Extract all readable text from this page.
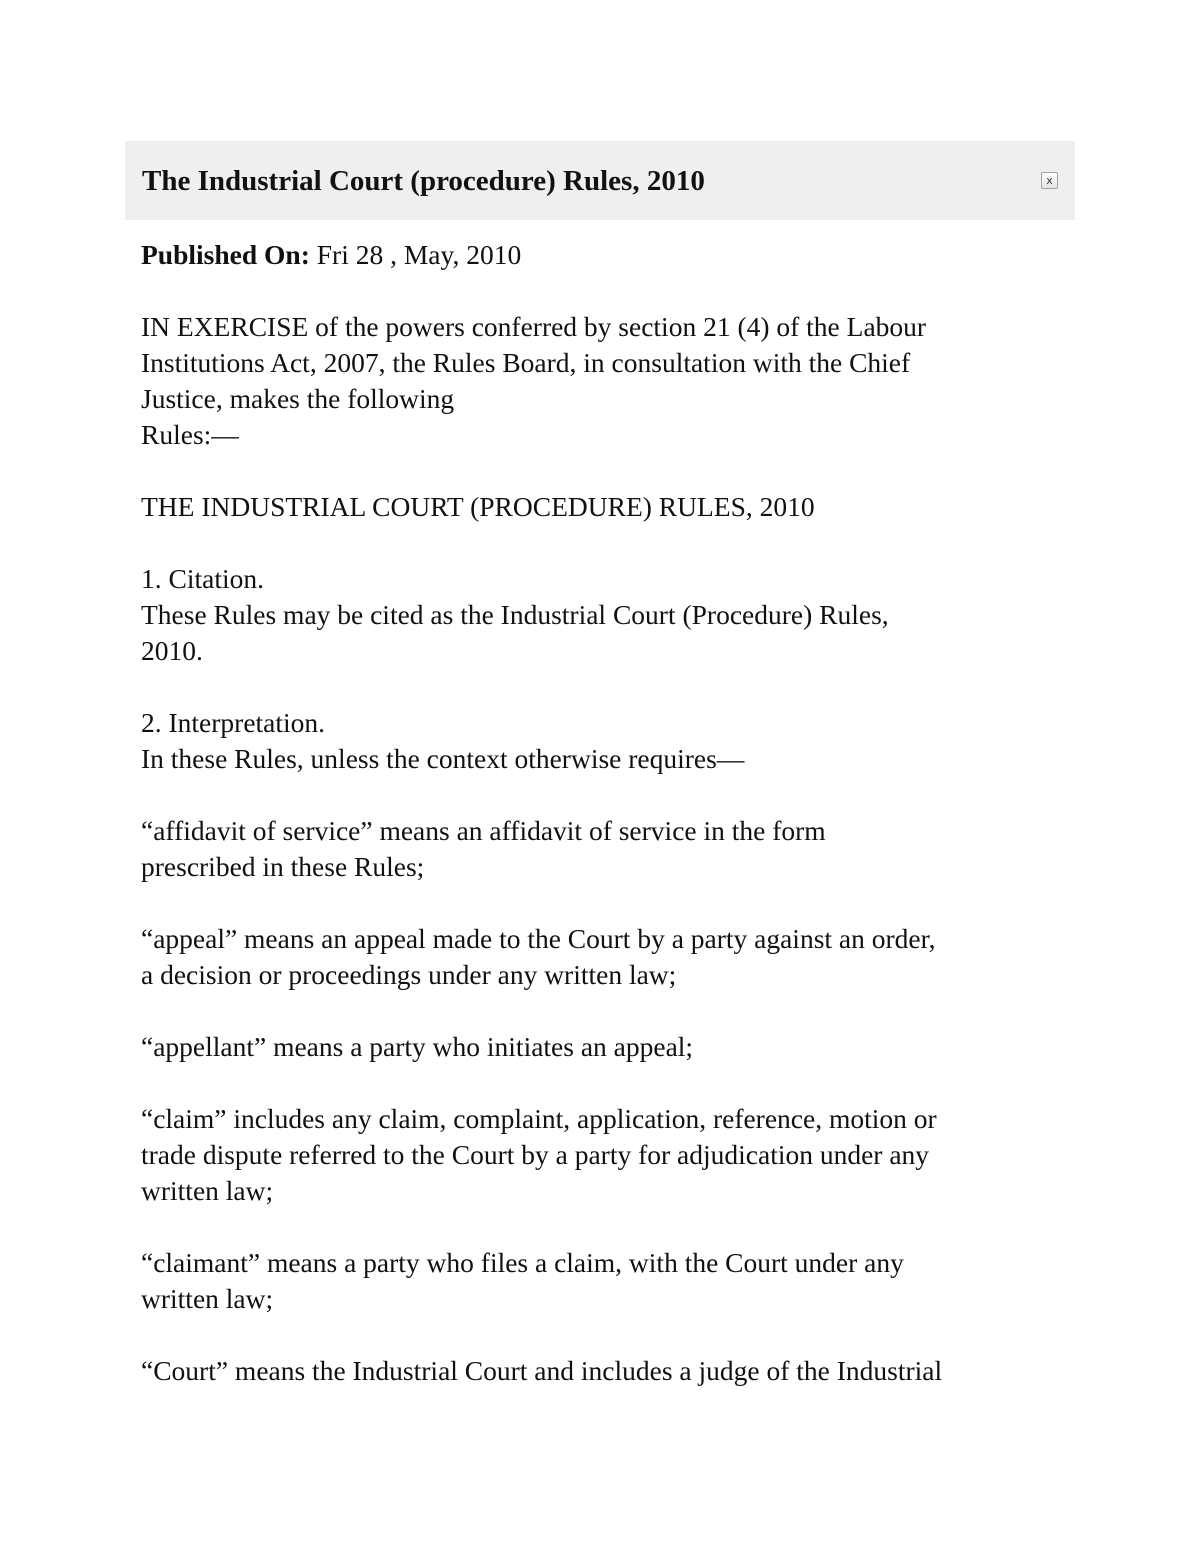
The Industrial Court (procedure) Rules, 2010	x

Published On: Fri 28 , May, 2010

IN EXERCISE of the powers conferred by section 21 (4) of the Labour
Institutions Act, 2007, the Rules Board, in consultation with the Chief
Justice, makes the following
Rules:—

THE INDUSTRIAL COURT (PROCEDURE) RULES, 2010

1. Citation.
These Rules may be cited as the Industrial Court (Procedure) Rules,
2010.

2. Interpretation.
In these Rules, unless the context otherwise requires—

“affidavit of service” means an affidavit of service in the form
prescribed in these Rules;

“appeal” means an appeal made to the Court by a party against an order,
a decision or proceedings under any written law;

“appellant” means a party who initiates an appeal;

“claim” includes any claim, complaint, application, reference, motion or
trade dispute referred to the Court by a party for adjudication under any
written law;

“claimant” means a party who files a claim, with the Court under any
written law;

“Court” means the Industrial Court and includes a judge of the Industrial
